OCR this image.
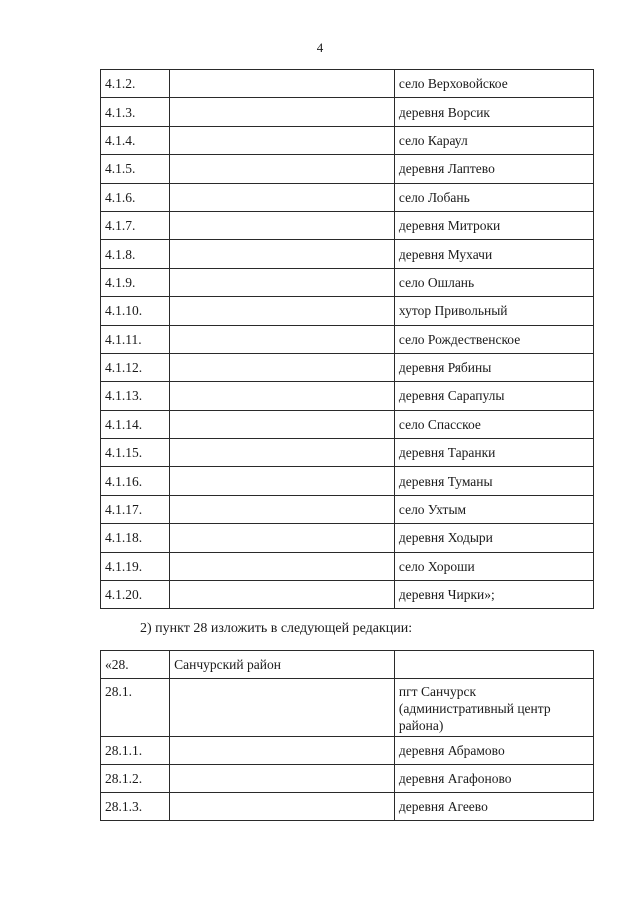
4
4.1.2.		село Верховойское
4.1.3.		деревня Ворсик
4.1.4.		село Караул
4.1.5.		деревня Лаптево
4.1.6.		село Лобань
4.1.7.		деревня Митроки
4.1.8.		деревня Мухачи
4.1.9.		село Ошлань
4.1.10.		хутор Привольный
4.1.11.		село Рождественское
4.1.12.		деревня Рябины
4.1.13.		деревня Сарапулы
4.1.14.		село Спасское
4.1.15.		деревня Таранки
4.1.16.		деревня Туманы
4.1.17.		село Ухтым
4.1.18.		деревня Ходыри
4.1.19.		село Хороши
4.1.20.		деревня Чирки»;
2) пункт 28 изложить в следующей редакции:
«28.	Санчурский район	
28.1.		пгт Санчурск (административный центр района)
28.1.1.		деревня Абрамово
28.1.2.		деревня Агафоново
28.1.3.		деревня Агеево
